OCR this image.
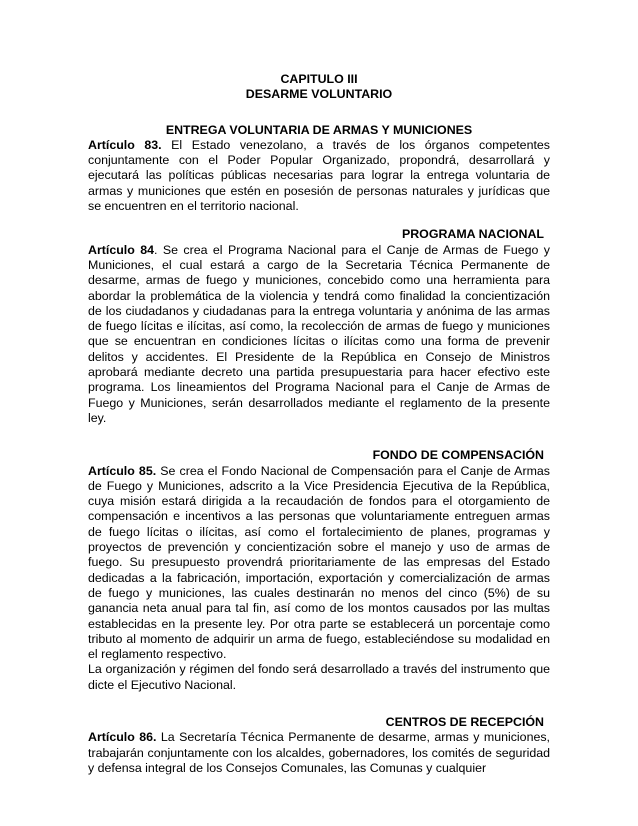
CAPITULO III

DESARME VOLUNTARIO

ENTREGA VOLUNTARIA DE ARMAS Y MUNICIONES

Artículo 83. El Estado venezolano, a través de los órganos competentes conjuntamente con el Poder Popular Organizado, propondrá, desarrollará y ejecutará las políticas públicas necesarias para lograr la entrega voluntaria de armas y municiones que estén en posesión de personas naturales y jurídicas que se encuentren en el territorio nacional.

PROGRAMA NACIONAL

Artículo 84. Se crea el Programa Nacional para el Canje de Armas de Fuego y Municiones, el cual estará a cargo de la Secretaria Técnica Permanente de desarme, armas de fuego y municiones, concebido como una herramienta para abordar la problemática de la violencia y tendrá como finalidad la concientización de los ciudadanos y ciudadanas para la entrega voluntaria y anónima de las armas de fuego lícitas e ilícitas, así como, la recolección de armas de fuego y municiones que se encuentran en condiciones lícitas o ilícitas como una forma de prevenir delitos y accidentes. El Presidente de la República en Consejo de Ministros aprobará mediante decreto una partida presupuestaria para hacer efectivo este programa. Los lineamientos del Programa Nacional para el Canje de Armas de Fuego y Municiones, serán desarrollados mediante el reglamento de la presente ley.

FONDO DE COMPENSACIÓN

Artículo 85. Se crea el Fondo Nacional de Compensación para el Canje de Armas de Fuego y Municiones, adscrito a la Vice Presidencia Ejecutiva de la República, cuya misión estará dirigida a la recaudación de fondos para el otorgamiento de compensación e incentivos a las personas que voluntariamente entreguen armas de fuego lícitas o ilícitas, así como el fortalecimiento de planes, programas y proyectos de prevención y concientización sobre el manejo y uso de armas de fuego. Su presupuesto provendrá prioritariamente de las empresas del Estado dedicadas a la fabricación, importación, exportación y comercialización de armas de fuego y municiones, las cuales destinarán no menos del cinco (5%) de su ganancia neta anual para tal fin, así como de los montos causados por las multas establecidas en la presente ley. Por otra parte se establecerá un porcentaje como tributo al momento de adquirir un arma de fuego, estableciéndose su modalidad en el reglamento respectivo.

La organización y régimen del fondo será desarrollado a través del instrumento que dicte el Ejecutivo Nacional.

CENTROS DE RECEPCIÓN

Artículo 86. La Secretaría Técnica Permanente de desarme, armas y municiones, trabajarán conjuntamente con los alcaldes, gobernadores, los comités de seguridad y defensa integral de los Consejos Comunales, las Comunas y cualquier
